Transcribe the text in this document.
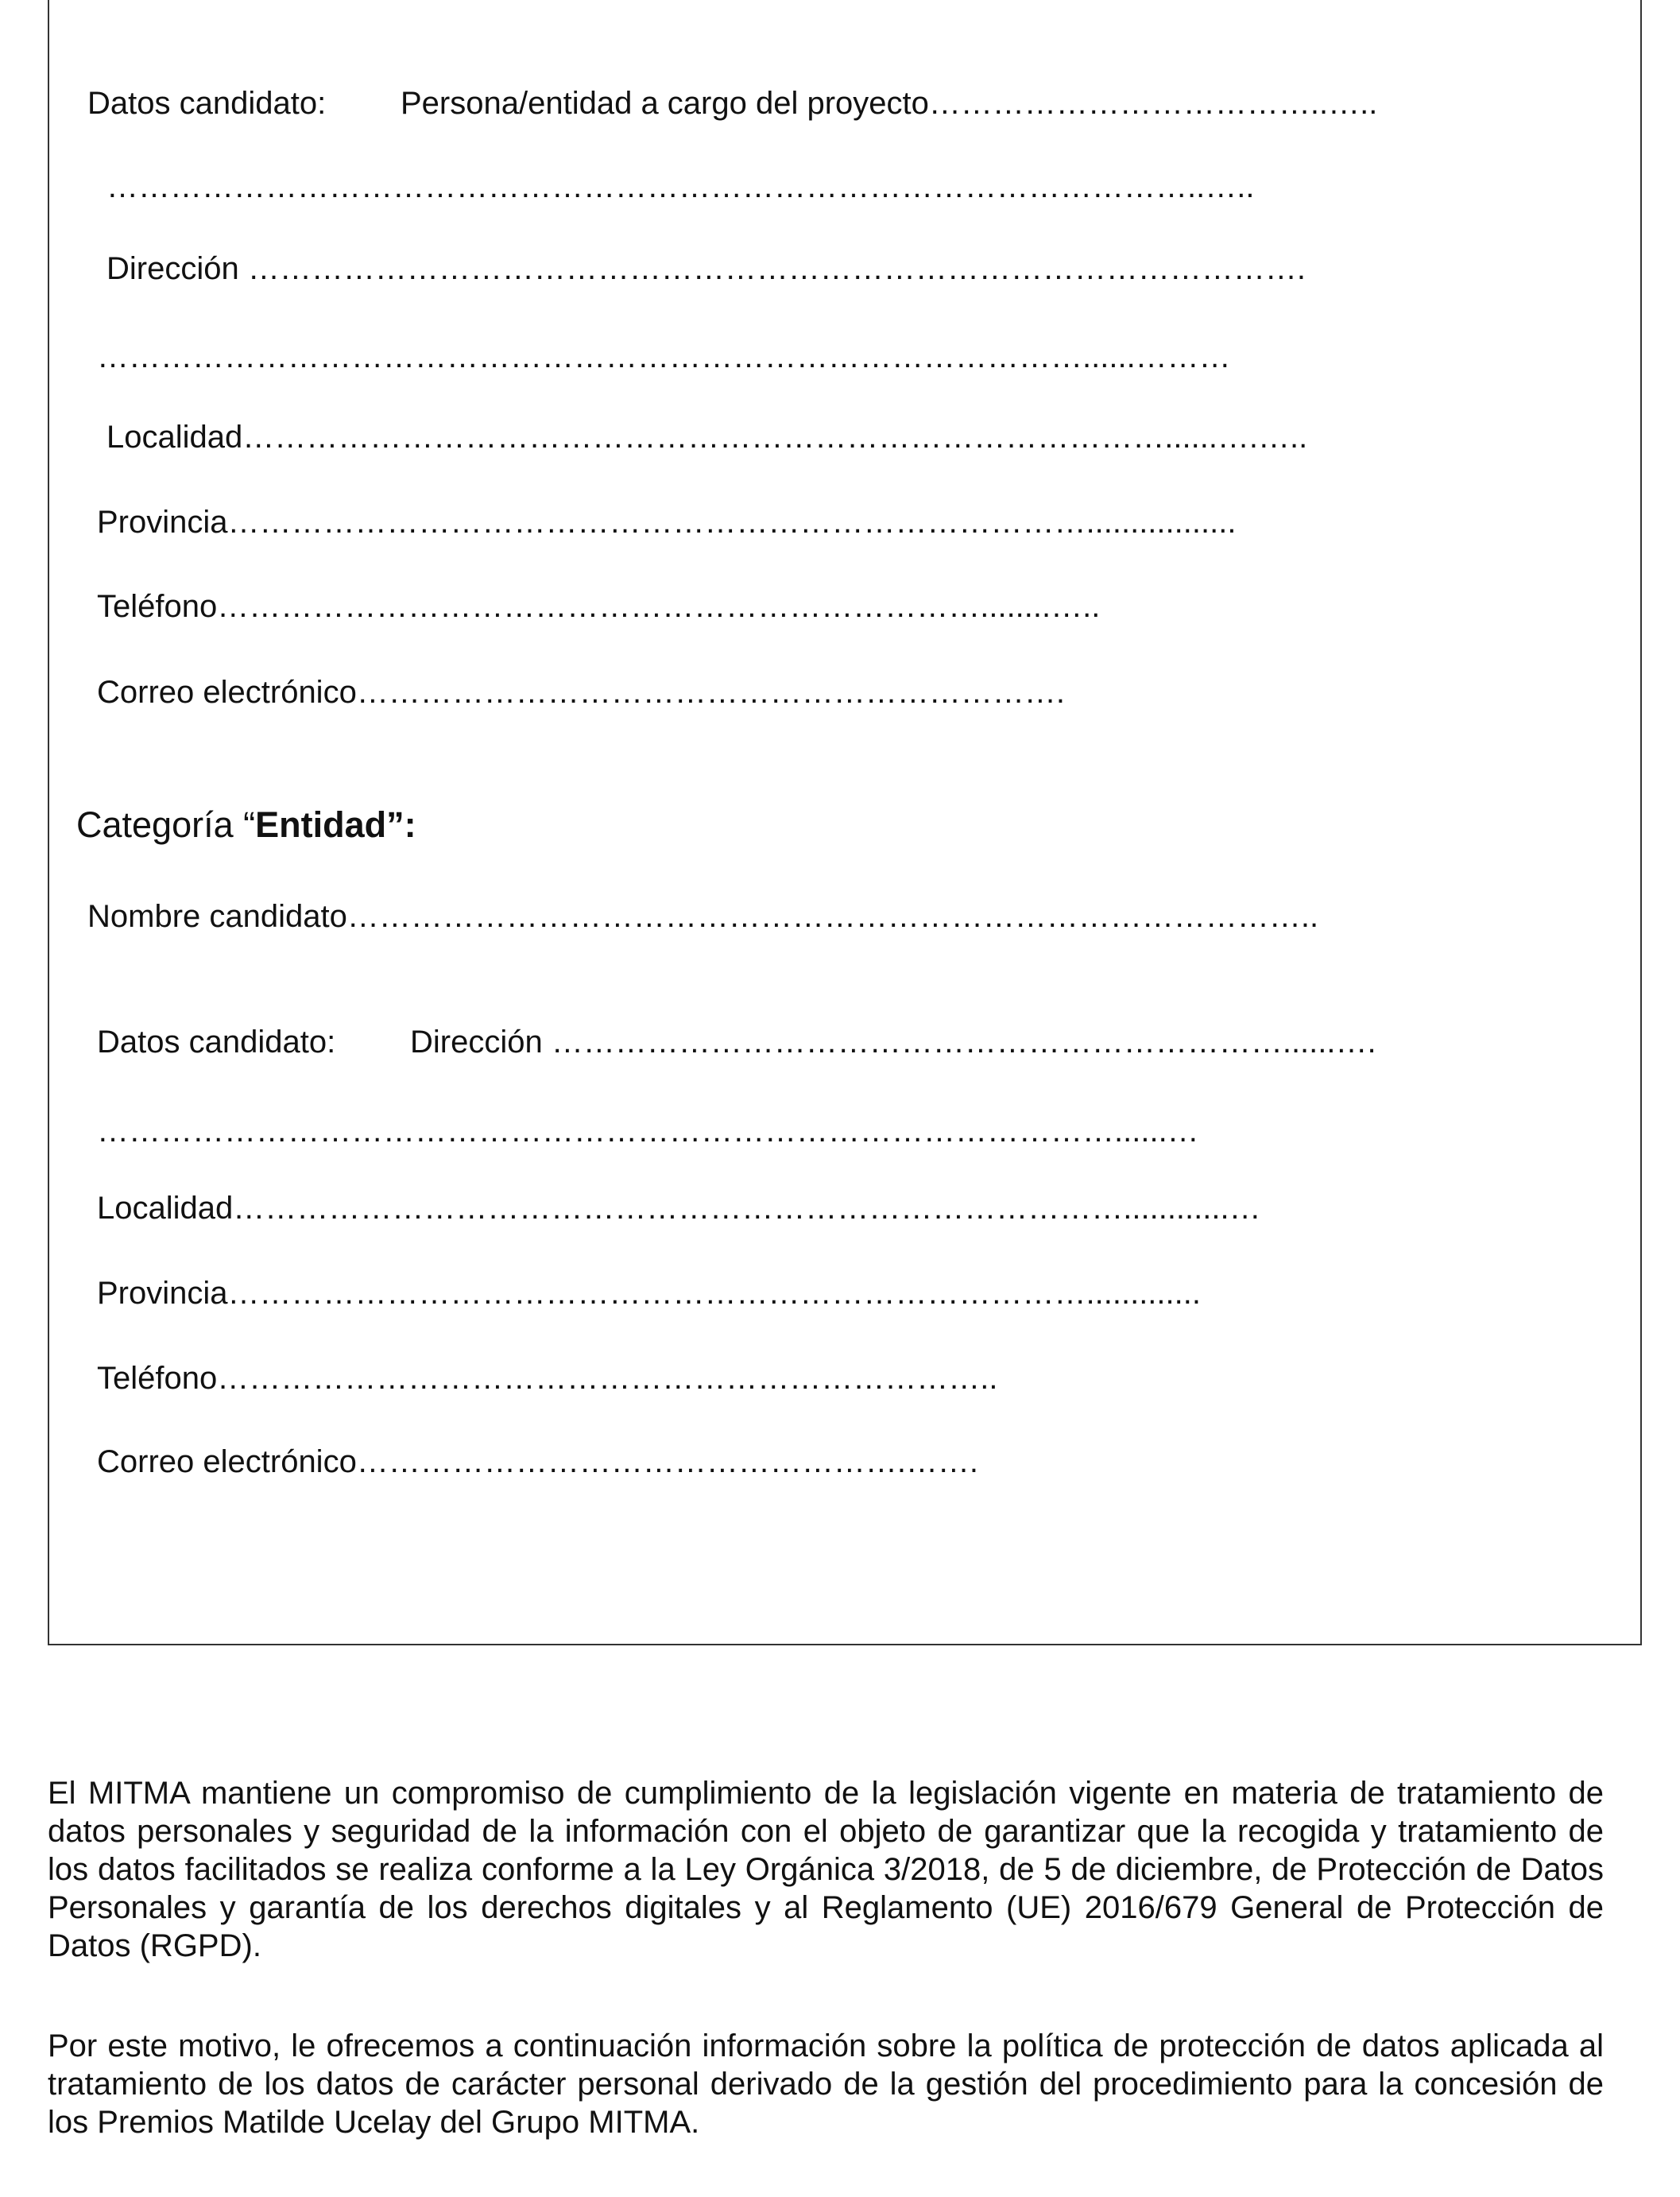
Datos candidato: Persona/entidad a cargo del proyecto………………………………..…..

…………………………………………………………………………………………..…..

Dirección ……………………………………………………………………………………….

…………………………………………………………………………………......………

Localidad……………………………………………………………………………......….…..

Provincia……………………………………………………………………….................

Teléfono………………………………………………………………........…..

Correo electrónico………………………………………………………….

Categoría “Entidad”:

Nombre candidato………………………………………………………………………………..

Datos candidato: Dirección ……………………………………………………………......….

……………………………………………………………………………………......…

Localidad…………………………………………………………………………............…

Provincia……………………………………………………………………….............

Teléfono………………………………………………………………..

Correo electrónico…………………………………………….…….

El MITMA mantiene un compromiso de cumplimiento de la legislación vigente en materia de tratamiento de datos personales y seguridad de la información con el objeto de garantizar que la recogida y tratamiento de los datos facilitados se realiza conforme a la Ley Orgánica 3/2018, de 5 de diciembre, de Protección de Datos Personales y garantía de los derechos digitales y al Reglamento (UE) 2016/679 General de Protección de Datos (RGPD).

Por este motivo, le ofrecemos a continuación información sobre la política de protección de datos aplicada al tratamiento de los datos de carácter personal derivado de la gestión del procedimiento para la concesión de los Premios Matilde Ucelay del Grupo MITMA.
